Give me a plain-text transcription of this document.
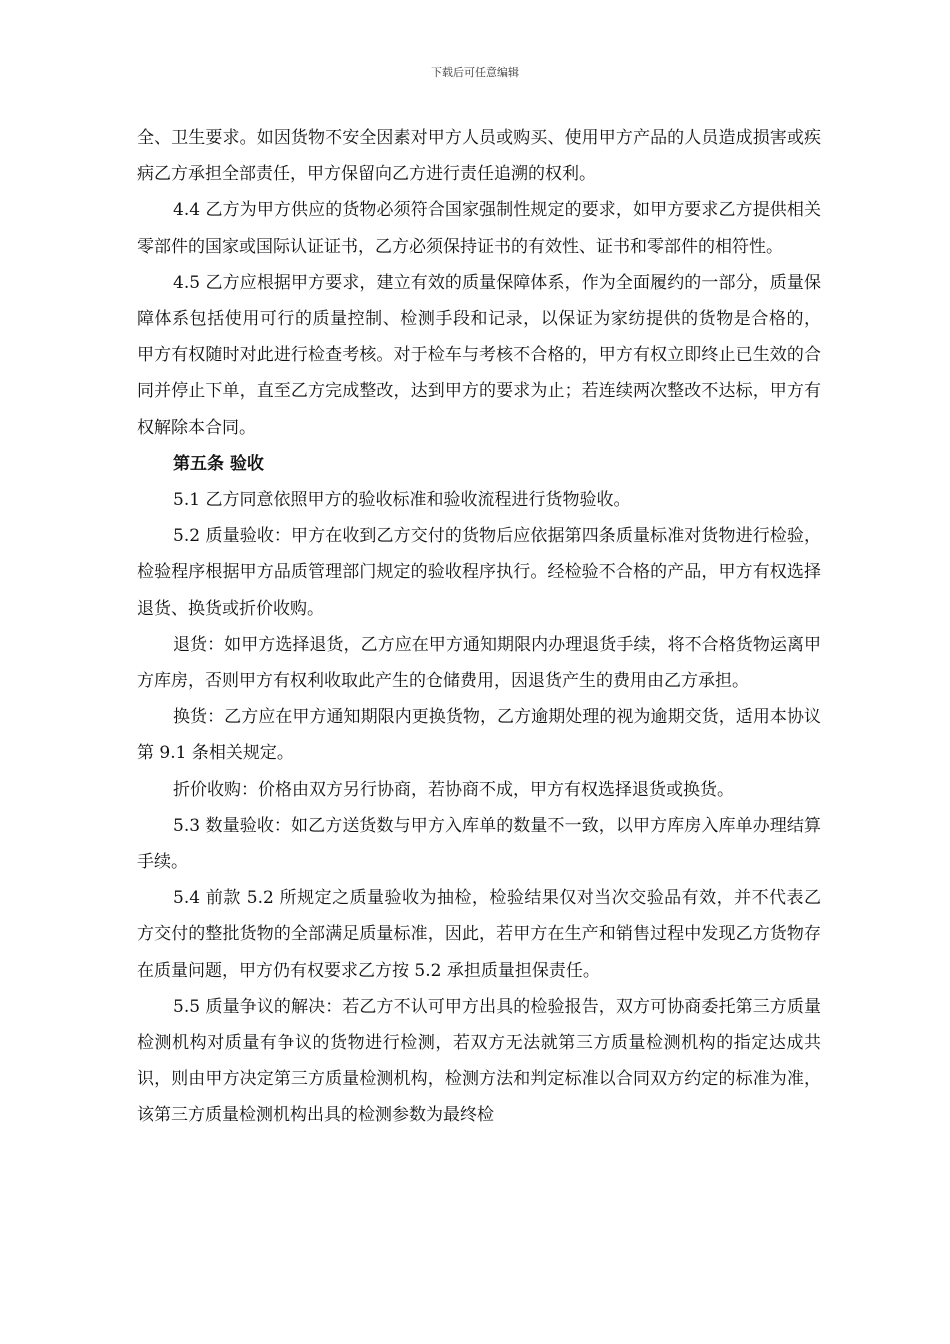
下载后可任意编辑

全、卫生要求。如因货物不安全因素对甲方人员或购买、使用甲方产品的人员造成损害或疾病乙方承担全部责任，甲方保留向乙方进行责任追溯的权利。

4.4 乙方为甲方供应的货物必须符合国家强制性规定的要求，如甲方要求乙方提供相关零部件的国家或国际认证证书，乙方必须保持证书的有效性、证书和零部件的相符性。

4.5 乙方应根据甲方要求，建立有效的质量保障体系，作为全面履约的一部分，质量保障体系包括使用可行的质量控制、检测手段和记录，以保证为家纺提供的货物是合格的， 甲方有权随时对此进行检查考核。对于检车与考核不合格的，甲方有权立即终止已生效的合同并停止下单，直至乙方完成整改，达到甲方的要求为止；若连续两次整改不达标，甲方有权解除本合同。

第五条 验收

5.1 乙方同意依照甲方的验收标准和验收流程进行货物验收。

5.2 质量验收：甲方在收到乙方交付的货物后应依据第四条质量标准对货物进行检验，检验程序根据甲方品质管理部门规定的验收程序执行。经检验不合格的产品，甲方有权选择退货、换货或折价收购。

退货：如甲方选择退货，乙方应在甲方通知期限内办理退货手续，将不合格货物运离甲方库房，否则甲方有权利收取此产生的仓储费用，因退货产生的费用由乙方承担。

换货：乙方应在甲方通知期限内更换货物，乙方逾期处理的视为逾期交货，适用本协议第 9.1 条相关规定。

折价收购：价格由双方另行协商，若协商不成，甲方有权选择退货或换货。

5.3 数量验收：如乙方送货数与甲方入库单的数量不一致，以甲方库房入库单办理结算手续。

5.4 前款 5.2 所规定之质量验收为抽检，检验结果仅对当次交验品有效，并不代表乙方交付的整批货物的全部满足质量标准，因此，若甲方在生产和销售过程中发现乙方货物存在质量问题，甲方仍有权要求乙方按 5.2 承担质量担保责任。

5.5 质量争议的解决：若乙方不认可甲方出具的检验报告，双方可协商委托第三方质量检测机构对质量有争议的货物进行检测，若双方无法就第三方质量检测机构的指定达成共识，则由甲方决定第三方质量检测机构，检测方法和判定标准以合同双方约定的标准为准，该第三方质量检测机构出具的检测参数为最终检
